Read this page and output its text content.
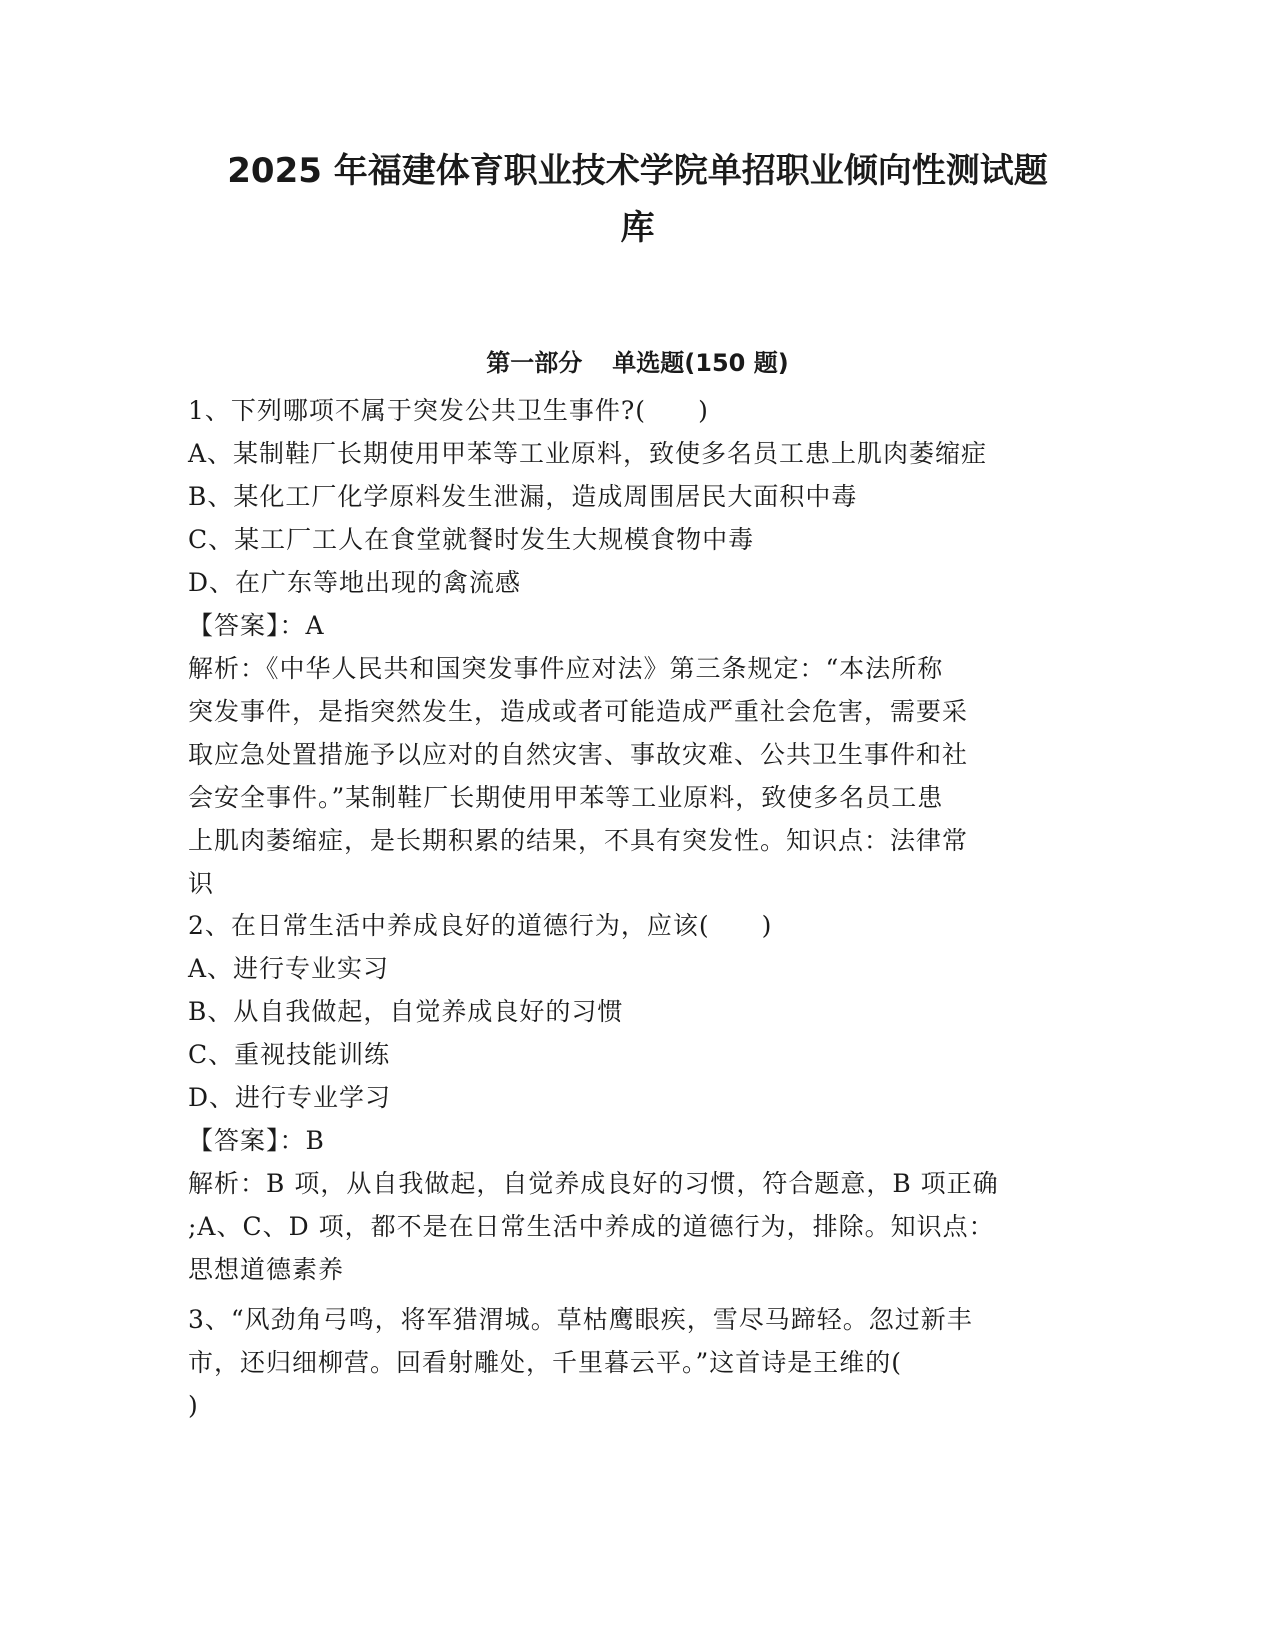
2025 年福建体育职业技术学院单招职业倾向性测试题
库
第一部分 单选题(150 题)
1、下列哪项不属于突发公共卫生事件?(　　)
A、某制鞋厂长期使用甲苯等工业原料，致使多名员工患上肌肉萎缩症
B、某化工厂化学原料发生泄漏，造成周围居民大面积中毒
C、某工厂工人在食堂就餐时发生大规模食物中毒
D、在广东等地出现的禽流感
【答案】：A
解析：《中华人民共和国突发事件应对法》第三条规定：“本法所称
突发事件，是指突然发生，造成或者可能造成严重社会危害，需要采
取应急处置措施予以应对的自然灾害、事故灾难、公共卫生事件和社
会安全事件。”某制鞋厂长期使用甲苯等工业原料，致使多名员工患
上肌肉萎缩症，是长期积累的结果，不具有突发性。知识点：法律常
识
2、在日常生活中养成良好的道德行为，应该(　　)
A、进行专业实习
B、从自我做起，自觉养成良好的习惯
C、重视技能训练
D、进行专业学习
【答案】：B
解析：B 项，从自我做起，自觉养成良好的习惯，符合题意，B 项正确
;A、C、D 项，都不是在日常生活中养成的道德行为，排除。知识点：
思想道德素养
3、“风劲角弓鸣，将军猎渭城。草枯鹰眼疾，雪尽马蹄轻。忽过新丰
市，还归细柳营。回看射雕处，千里暮云平。”这首诗是王维的(
)
